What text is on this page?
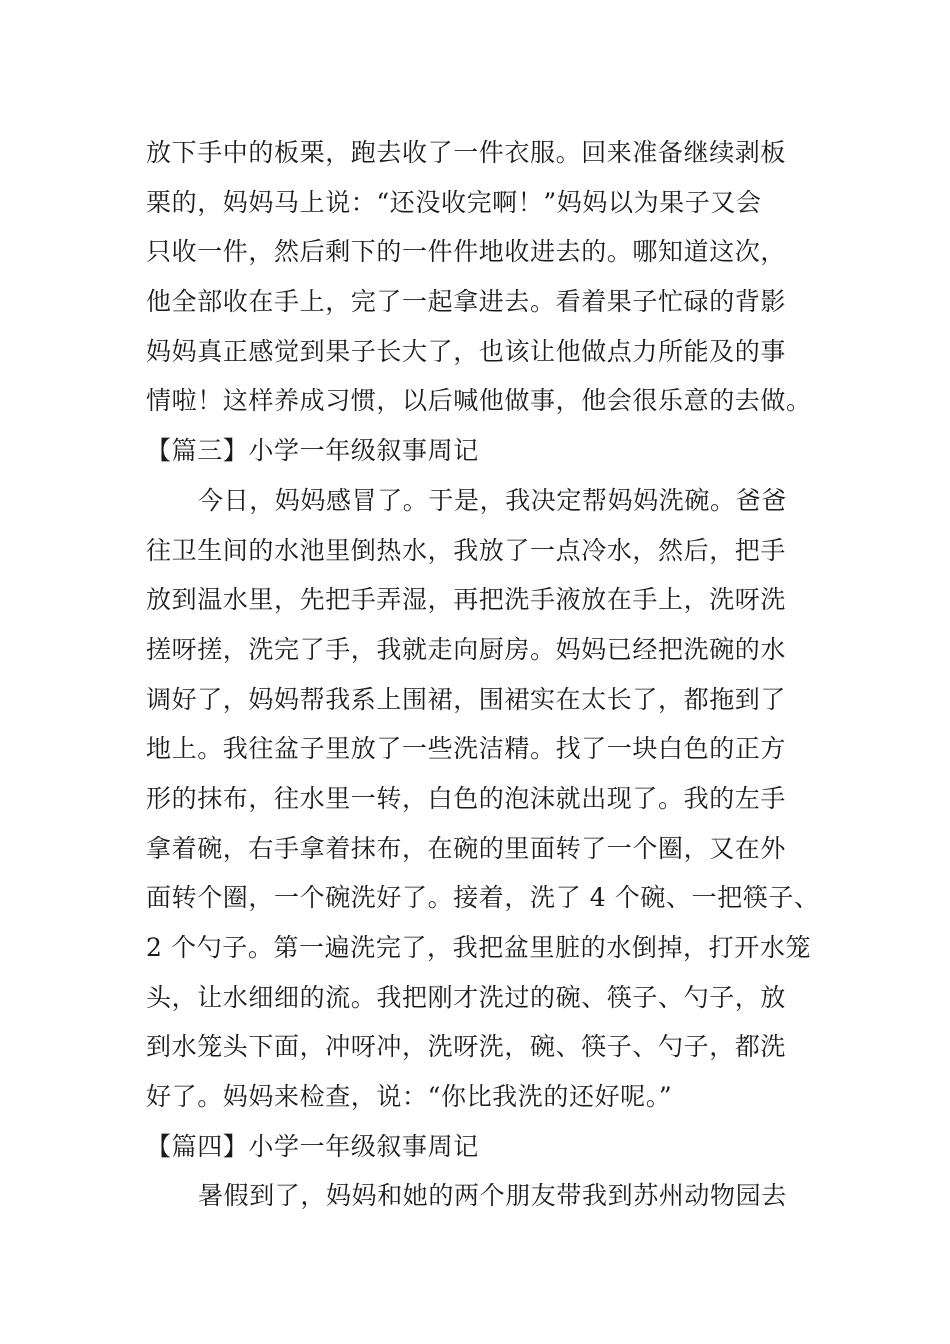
放下手中的板栗，跑去收了一件衣服。回来准备继续剥板
栗的，妈妈马上说：“还没收完啊！”妈妈以为果子又会
只收一件，然后剩下的一件件地收进去的。哪知道这次，
他全部收在手上，完了一起拿进去。看着果子忙碌的背影
妈妈真正感觉到果子长大了，也该让他做点力所能及的事
情啦！这样养成习惯，以后喊他做事，他会很乐意的去做。
【篇三】小学一年级叙事周记
今日，妈妈感冒了。于是，我决定帮妈妈洗碗。爸爸
往卫生间的水池里倒热水，我放了一点冷水，然后，把手
放到温水里，先把手弄湿，再把洗手液放在手上，洗呀洗
搓呀搓，洗完了手，我就走向厨房。妈妈已经把洗碗的水
调好了，妈妈帮我系上围裙，围裙实在太长了，都拖到了
地上。我往盆子里放了一些洗洁精。找了一块白色的正方
形的抹布，往水里一转，白色的泡沫就出现了。我的左手
拿着碗，右手拿着抹布，在碗的里面转了一个圈，又在外
面转个圈，一个碗洗好了。接着，洗了 4 个碗、一把筷子、
2 个勺子。第一遍洗完了，我把盆里脏的水倒掉，打开水笼
头，让水细细的流。我把刚才洗过的碗、筷子、勺子，放
到水笼头下面，冲呀冲，洗呀洗，碗、筷子、勺子，都洗
好了。妈妈来检查，说：“你比我洗的还好呢。”
【篇四】小学一年级叙事周记
暑假到了，妈妈和她的两个朋友带我到苏州动物园去
